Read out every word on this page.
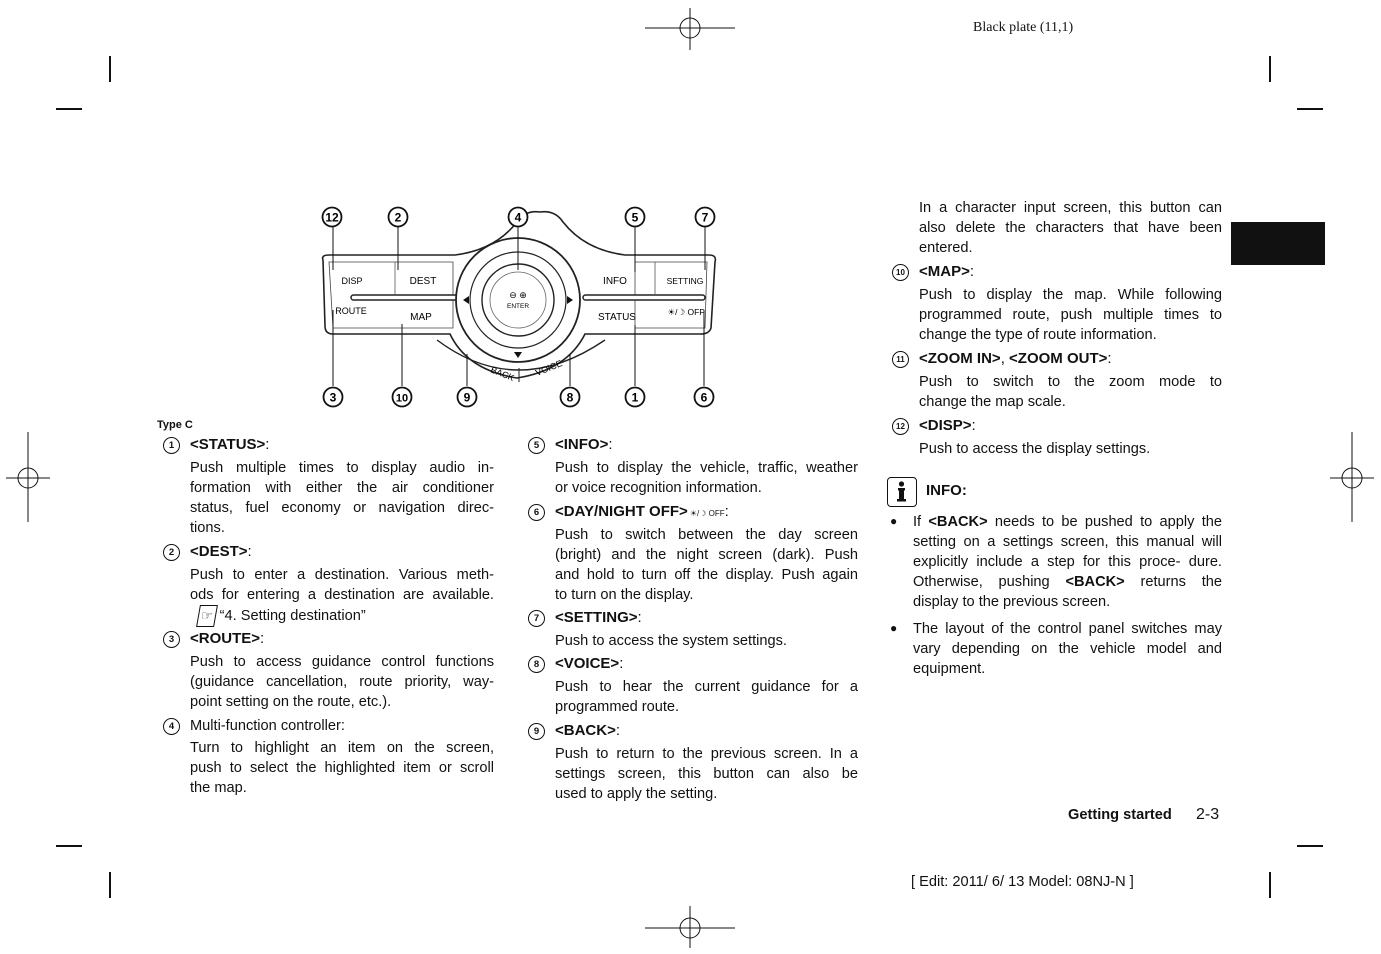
Black plate (11,1)
DISP	DEST	INFO	SETTING
ROUTE
MAP	STATUS	☀/☽ OFF
BACK VOICE
ENTER
⊖ ⊕
12	2	4	5	7
3	10	9	8	1	6
Type C
1	<STATUS>:
Push multiple times to display audio in-
formation with either the air conditioner
status, fuel economy or navigation direc-
tions.
2	<DEST>:
Push to enter a destination. Various meth-
ods for entering a destination are available.
☞ “4. Setting destination”
3	<ROUTE>:
Push to access guidance control functions
(guidance cancellation, route priority, way-
point setting on the route, etc.).
4	Multi-function controller:
Turn to highlight an item on the screen,
push to select the highlighted item or scroll
the map.
5	<INFO>:
Push to display the vehicle, traffic, weather
or voice recognition information.
6	<DAY/NIGHT OFF> ☀/☽ OFF:
Push to switch between the day screen
(bright) and the night screen (dark). Push
and hold to turn off the display. Push again
to turn on the display.
7	<SETTING>:
Push to access the system settings.
8	<VOICE>:
Push to hear the current guidance for a
programmed route.
9	<BACK>:
Push to return to the previous screen. In a
settings screen, this button can also be
used to apply the setting.
In a character input screen, this button can
also delete the characters that have been
entered.
10 <MAP>:
Push to display the map. While following
programmed route, push multiple times to
change the type of route information.
11 <ZOOM IN>, <ZOOM OUT>:
Push to switch to the zoom mode to
change the map scale.
12 <DISP>:
Push to access the display settings.
INFO:
● If <BACK> needs to be pushed to apply the setting on a settings screen, this manual will explicitly include a step for this proce- dure. Otherwise, pushing <BACK> returns the display to the previous screen.
● The layout of the control panel switches may vary depending on the vehicle model and equipment.
Getting started 2-3
[ Edit: 2011/ 6/ 13 Model: 08NJ-N ]
